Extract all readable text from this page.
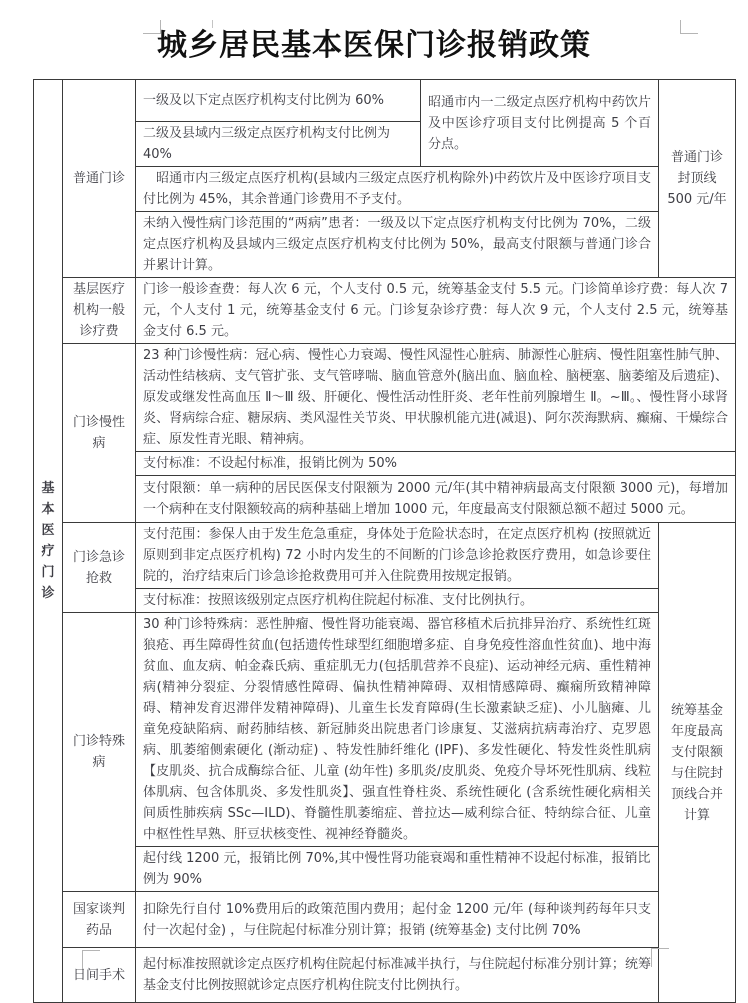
城乡居民基本医保门诊报销政策
基本医疗门诊	普通门诊	一级及以下定点医疗机构支付比例为 60%	昭通市内一二级定点医疗机构中药饮片及中医诊疗项目支付比例提高 5 个百分点。	普通门诊封顶线 500 元/年
		二级及县域内三级定点医疗机构支付比例为 40%		
		昭通市内三级定点医疗机构(县域内三级定点医疗机构除外)中药饮片及中医诊疗项目支付比例为 45%，其余普通门诊费用不予支付。		
		未纳入慢性病门诊范围的“两病”患者：一级及以下定点医疗机构支付比例为 70%，二级定点医疗机构及县域内三级定点医疗机构支付比例为 50%，最高支付限额与普通门诊合并累计计算。		
	基层医疗机构一般诊疗费	门诊一般诊查费：每人次 6 元，个人支付 0.5 元，统筹基金支付 5.5 元。门诊简单诊疗费：每人次 7 元，个人支付 1 元，统筹基金支付 6 元。门诊复杂诊疗费：每人次 9 元，个人支付 2.5 元，统筹基金支付 6.5 元。		
	门诊慢性病	23 种门诊慢性病：冠心病、慢性心力衰竭、慢性风湿性心脏病、肺源性心脏病、慢性阻塞性肺气肿、活动性结核病、支气管扩张、支气管哮喘、脑血管意外(脑出血、脑血栓、脑梗塞、脑萎缩及后遗症)、原发或继发性高血压 Ⅱ～Ⅲ 级、肝硬化、慢性活动性肝炎、老年性前列腺增生 Ⅱ。~Ⅲ。、慢性肾小球肾炎、肾病综合症、糖尿病、类风湿性关节炎、甲状腺机能亢进(减退)、阿尔茨海默病、癫痫、干燥综合症、原发性青光眼、精神病。		
		支付标准：不设起付标准，报销比例为 50%		
		支付限额：单一病种的居民医保支付限额为 2000 元/年(其中精神病最高支付限额 3000 元)，每增加一个病种在支付限额较高的病种基础上增加 1000 元，年度最高支付限额总额不超过 5000 元。		
	门诊急诊抢救	支付范围：参保人由于发生危急重症，身体处于危险状态时，在定点医疗机构 (按照就近原则到非定点医疗机构) 72 小时内发生的不间断的门诊急诊抢救医疗费用，如急诊要住院的，治疗结束后门诊急诊抢救费用可并入住院费用按规定报销。		统筹基金年度最高支付限额与住院封顶线合并计算
		支付标准：按照该级别定点医疗机构住院起付标准、支付比例执行。		
	门诊特殊病	30 种门诊特殊病：恶性肿瘤、慢性肾功能衰竭、器官移植术后抗排异治疗、系统性红斑狼疮、再生障碍性贫血(包括遗传性球型红细胞增多症、自身免疫性溶血性贫血)、地中海贫血、血友病、帕金森氏病、重症肌无力(包括肌营养不良症)、运动神经元病、重性精神病(精神分裂症、分裂情感性障碍、偏执性精神障碍、双相情感障碍、癫痫所致精神障碍、精神发育迟滞伴发精神障碍)、儿童生长发育障碍(生长激素缺乏症)、小儿脑瘫、儿童免疫缺陷病、耐药肺结核、新冠肺炎出院患者门诊康复、艾滋病抗病毒治疗、克罗恩病、肌萎缩侧索硬化 (渐动症) 、特发性肺纤维化 (IPF)、多发性硬化、特发性炎性肌病【皮肌炎、抗合成酶综合征、儿童 (幼年性) 多肌炎/皮肌炎、免疫介导坏死性肌病、线粒体肌病、包含体肌炎、多发性肌炎】、强直性脊柱炎、系统性硬化 (含系统性硬化病相关间质性肺疾病 SSc—ILD)、脊髓性肌萎缩症、普拉达—威利综合征、特纳综合征、儿童中枢性性早熟、肝豆状核变性、视神经脊髓炎。		
		起付线 1200 元，报销比例 70%,其中慢性肾功能衰竭和重性精神不设起付标准，报销比例为 90%		
	国家谈判药品	扣除先行自付 10%费用后的政策范围内费用；起付金 1200 元/年 (每种谈判药每年只支付一次起付金) ，与住院起付标准分别计算；报销 (统筹基金) 支付比例 70%		
	日间手术	起付标准按照就诊定点医疗机构住院起付标准减半执行，与住院起付标准分别计算；统筹基金支付比例按照就诊定点医疗机构住院支付比例执行。		
